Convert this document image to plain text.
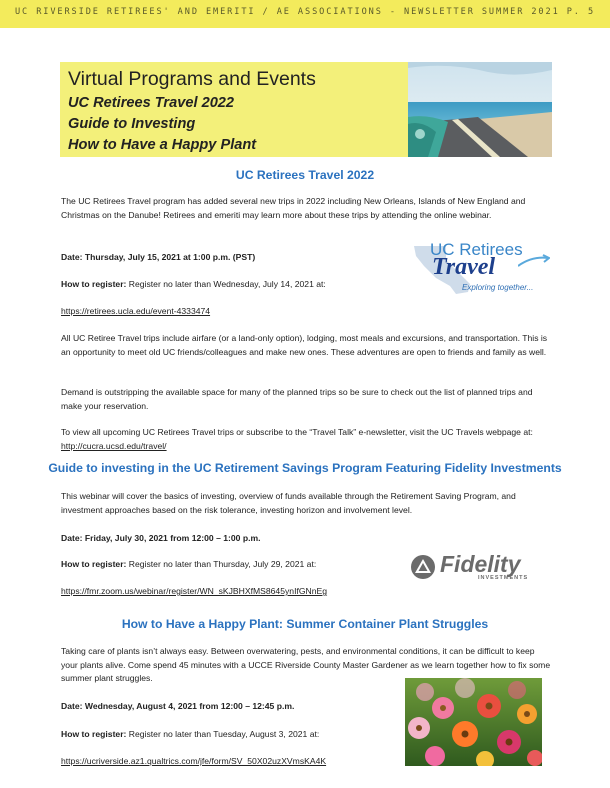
UC RIVERSIDE RETIREES' AND EMERITI / AE ASSOCIATIONS - NEWSLETTER SUMMER 2021 P. 5
Virtual Programs and Events
UC Retirees Travel 2022
Guide to Investing
How to Have a Happy Plant
UC Retirees Travel 2022

The UC Retirees Travel program has added several new trips in 2022 including New Orleans, Islands of New England and Christmas on the Danube! Retirees and emeriti may learn more about these trips by attending the online webinar.

Date: Thursday, July 15, 2021 at 1:00 p.m. (PST)

How to register: Register no later than Wednesday, July 14, 2021 at:

https://retirees.ucla.edu/event-4333474

All UC Retiree Travel trips include airfare (or a land-only option), lodging, most meals and excursions, and transportation. This is an opportunity to meet old UC friends/colleagues and make new ones. These adventures are open to friends and family as well.

Demand is outstripping the available space for many of the planned trips so be sure to check out the list of planned trips and make your reservation.

To view all upcoming UC Retirees Travel trips or subscribe to the “Travel Talk” e-newsletter, visit the UC Travels webpage at: http://cucra.ucsd.edu/travel/

UC Retirees
Travel
Exploring together...
Guide to investing in the UC Retirement Savings Program Featuring Fidelity Investments

This webinar will cover the basics of investing, overview of funds available through the Retirement Saving Program, and investment approaches based on the risk tolerance, investing horizon and involvement level.

Date: Friday, July 30, 2021 from 12:00 – 1:00 p.m.

How to register: Register no later than Thursday, July 29, 2021 at:

https://fmr.zoom.us/webinar/register/WN_sKJBHXfMS8645ynIfGNnEg
Fidelity
INVESTMENTS
How to Have a Happy Plant: Summer Container Plant Struggles

Taking care of plants isn’t always easy. Between overwatering, pests, and environmental conditions, it can be difficult to keep your plants alive. Come spend 45 minutes with a UCCE Riverside County Master Gardener as we learn together how to fix some summer plant struggles.

Date: Wednesday, August 4, 2021 from 12:00 – 12:45 p.m.

How to register: Register no later than Tuesday, August 3, 2021 at:

https://ucriverside.az1.qualtrics.com/jfe/form/SV_50X02uzXVmsKA4K
